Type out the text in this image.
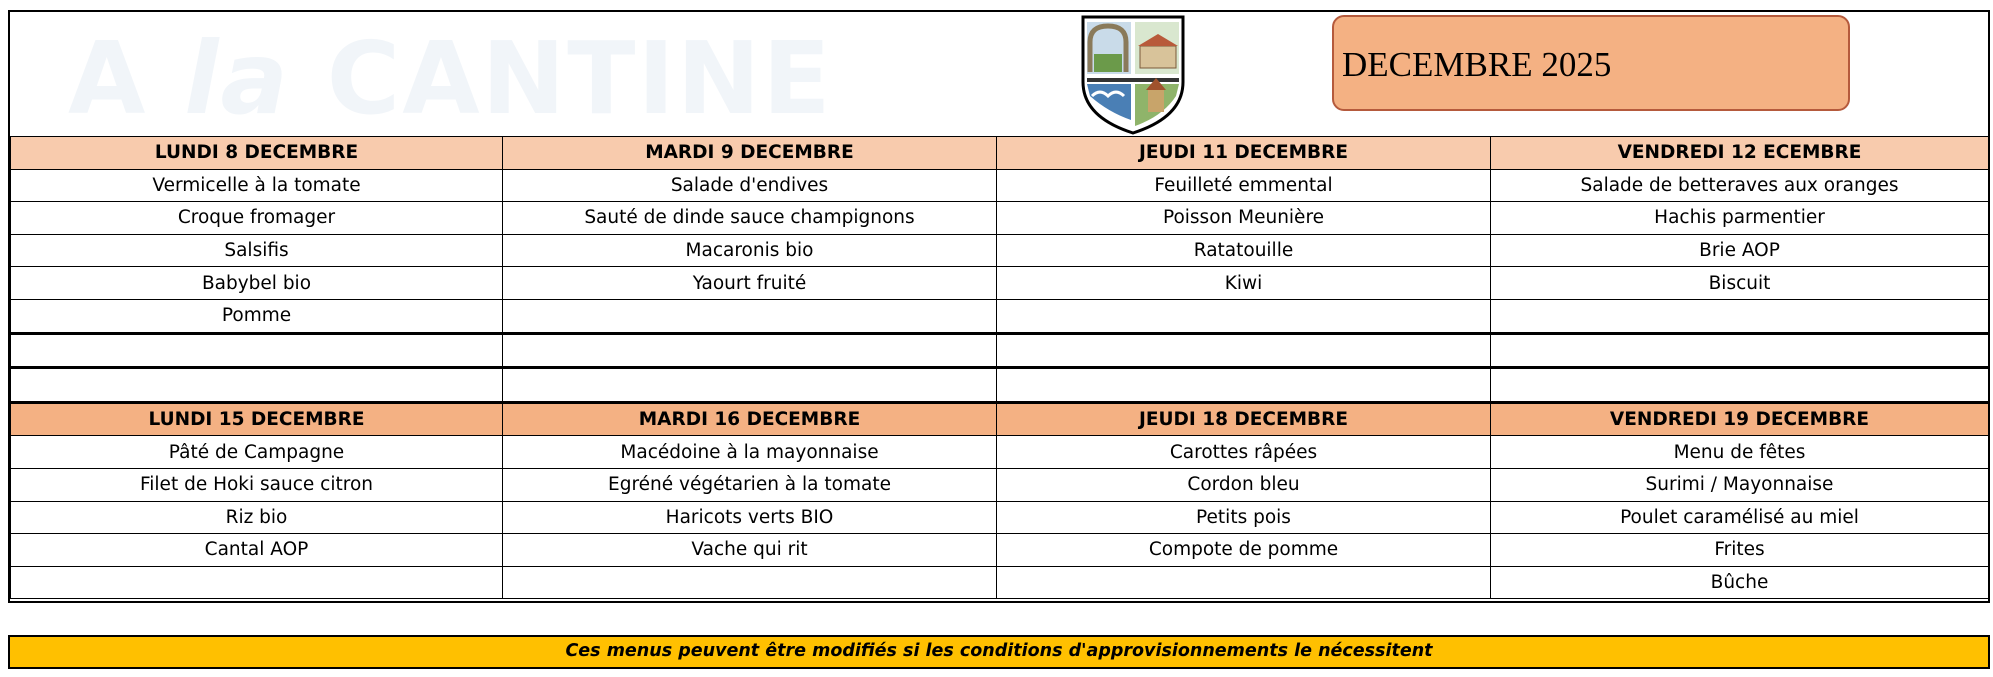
A la CANTINE	DECEMBRE 2025
LUNDI 8 DECEMBRE	MARDI 9 DECEMBRE	JEUDI 11 DECEMBRE	VENDREDI 12 ECEMBRE
Vermicelle à la tomate	Salade d'endives	Feuilleté emmental	Salade de betteraves aux oranges
Croque fromager	Sauté de dinde sauce champignons	Poisson Meunière	Hachis parmentier
Salsifis	Macaronis bio	Ratatouille	Brie AOP
Babybel bio	Yaourt fruité	Kiwi	Biscuit
Pomme			

LUNDI 15 DECEMBRE	MARDI 16 DECEMBRE	JEUDI 18 DECEMBRE	VENDREDI 19 DECEMBRE
Pâté de Campagne	Macédoine à la mayonnaise	Carottes râpées	Menu de fêtes
Filet de Hoki sauce citron	Egréné végétarien à la tomate	Cordon bleu	Surimi / Mayonnaise
Riz bio	Haricots verts BIO	Petits pois	Poulet caramélisé au miel
Cantal AOP	Vache qui rit	Compote de pomme	Frites
			Bûche
Ces menus peuvent être modifiés si les conditions d'approvisionnements le nécessitent
